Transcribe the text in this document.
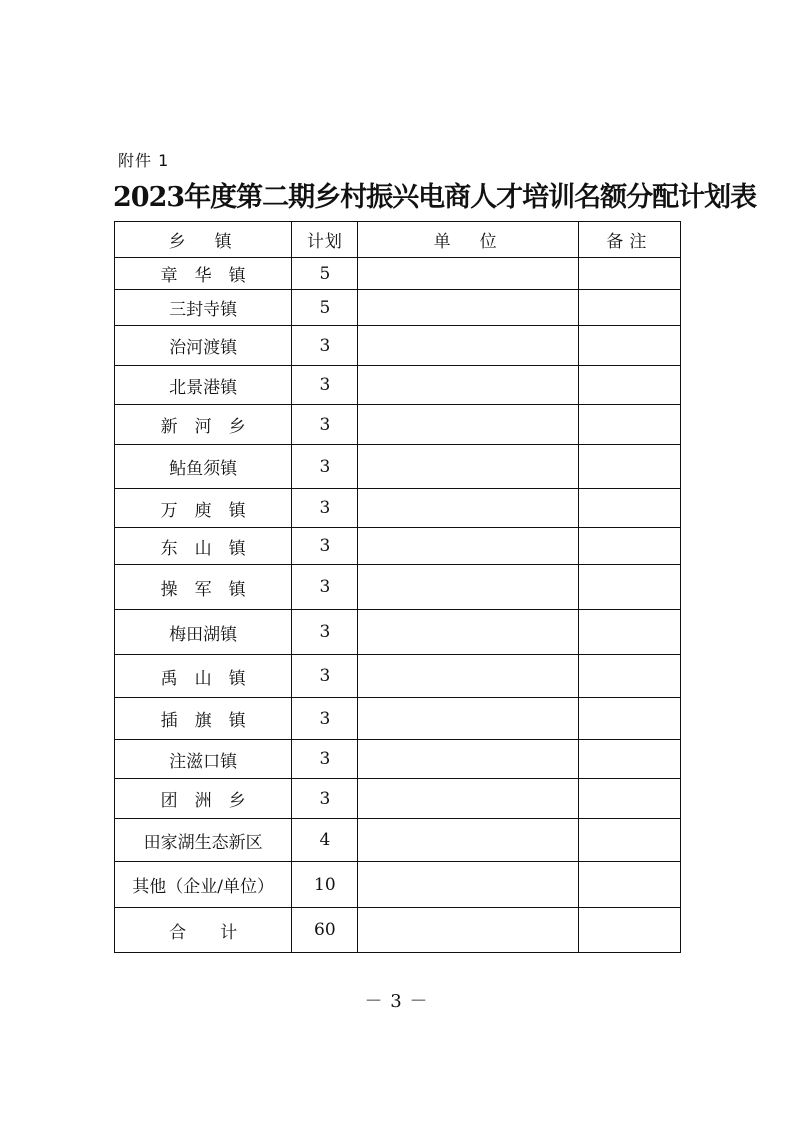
附件 1
2023年度第二期乡村振兴电商人才培训名额分配计划表
乡　镇	计划	单　位	备注
章　华　镇	5		
三封寺镇	5		
治河渡镇	3		
北景港镇	3		
新　河　乡	3		
鲇鱼须镇	3		
万　庾　镇	3		
东　山　镇	3		
操　军　镇	3		
梅田湖镇	3		
禹　山　镇	3		
插　旗　镇	3		
注滋口镇	3		
团　洲　乡	3		
田家湖生态新区	4		
其他（企业/单位）	10		
合　　计	60		
－ 3 －
